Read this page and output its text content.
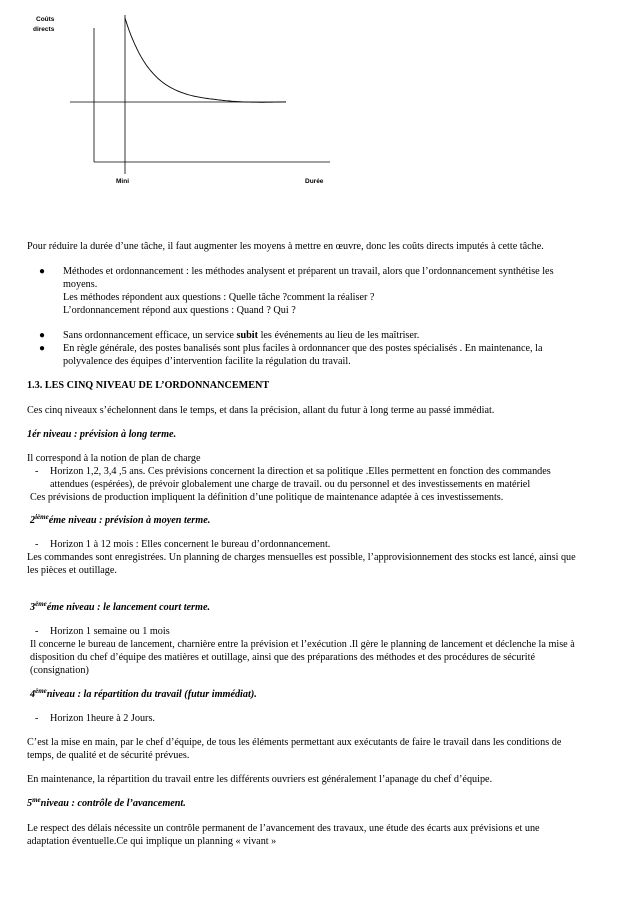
Coûts
directs
Mini	Durée
Pour réduire la durée d’une tâche, il faut augmenter les moyens à mettre en œuvre, donc les coûts directs imputés à cette tâche.
● Méthodes et ordonnancement : les méthodes analysent et préparent un travail, alors que l’ordonnancement synthétise les
moyens.
Les méthodes répondent aux questions : Quelle tâche ?comment la réaliser ?
L’ordonnancement répond aux questions : Quand ? Qui ?
● Sans ordonnancement efficace, un service subit les événements au lieu de les maîtriser.
● En règle générale, des postes banalisés sont plus faciles à ordonnancer que des postes spécialisés . En maintenance, la
polyvalence des équipes d’intervention facilite la régulation du travail.
1.3. LES CINQ NIVEAU DE L’ORDONNANCEMENT
Ces cinq niveaux s’échelonnent dans le temps, et dans la précision, allant du futur à long terme au passé immédiat.
1ér niveau : prévision à long terme.
Il correspond à la notion de plan de charge
- Horizon 1,2, 3,4 ,5 ans. Ces prévisions concernent la direction et sa politique .Elles permettent en fonction des commandes
attendues (espérées), de prévoir globalement une charge de travail. ou du personnel et des investissements en matériel
Ces prévisions de production impliquent la définition d’une politique de maintenance adaptée à ces investissements.
2ièmeéme niveau : prévision à moyen terme.
- Horizon 1 à 12 mois : Elles concernent le bureau d’ordonnancement.
Les commandes sont enregistrées. Un planning de charges mensuelles est possible, l’approvisionnement des stocks est lancé, ainsi que
les pièces et outillage.
3èmeéme niveau : le lancement court terme.
- Horizon 1 semaine ou 1 mois
Il concerne le bureau de lancement, charnière entre la prévision et l’exécution .Il gère le planning de lancement et déclenche la mise à
disposition du chef d’équipe des matières et outillage, ainsi que des préparations des méthodes et des procédures de sécurité
(consignation)
4èmeniveau : la répartition du travail (futur immédiat).
- Horizon 1heure à 2 Jours.
C’est la mise en main, par le chef d’équipe, de tous les éléments permettant aux exécutants de faire le travail dans les conditions de
temps, de qualité et de sécurité prévues.
En maintenance, la répartition du travail entre les différents ouvriers est généralement l’apanage du chef d’équipe.
$5^{me}niveau$ : contrôle de l’avancement.
Le respect des délais nécessite un contrôle permanent de l’avancement des travaux, une étude des écarts aux prévisions et une
adaptation éventuelle.Ce qui implique un planning « vivant »
